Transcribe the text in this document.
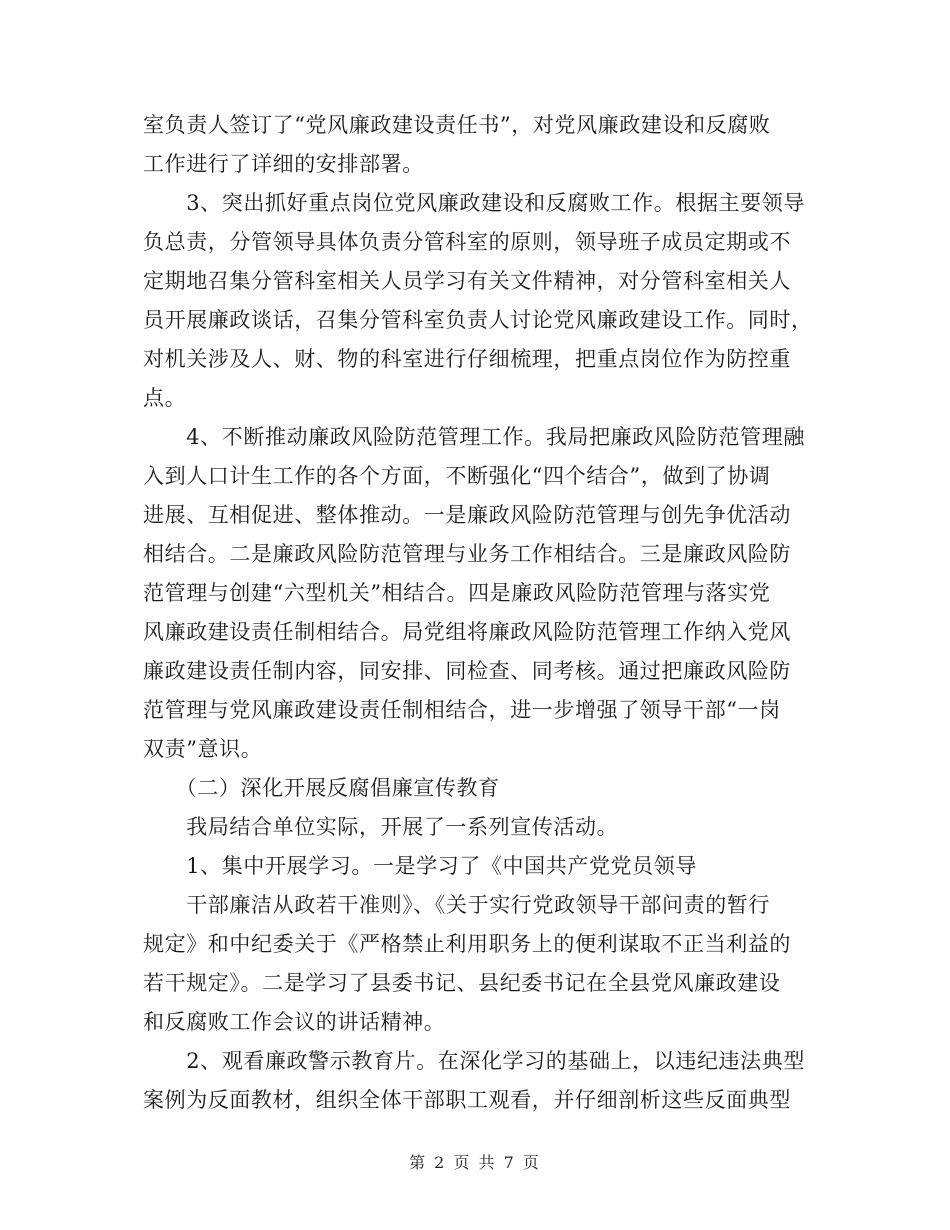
室负责人签订了“党风廉政建设责任书”，对党风廉政建设和反腐败
工作进行了详细的安排部署。
　　3、突出抓好重点岗位党风廉政建设和反腐败工作。根据主要领导
负总责，分管领导具体负责分管科室的原则，领导班子成员定期或不
定期地召集分管科室相关人员学习有关文件精神，对分管科室相关人
员开展廉政谈话，召集分管科室负责人讨论党风廉政建设工作。同时，
对机关涉及人、财、物的科室进行仔细梳理，把重点岗位作为防控重
点。
　　4、不断推动廉政风险防范管理工作。我局把廉政风险防范管理融
入到人口计生工作的各个方面，不断强化“四个结合”，做到了协调
进展、互相促进、整体推动。一是廉政风险防范管理与创先争优活动
相结合。二是廉政风险防范管理与业务工作相结合。三是廉政风险防
范管理与创建“六型机关”相结合。四是廉政风险防范管理与落实党
风廉政建设责任制相结合。局党组将廉政风险防范管理工作纳入党风
廉政建设责任制内容，同安排、同检查、同考核。通过把廉政风险防
范管理与党风廉政建设责任制相结合，进一步增强了领导干部“一岗
双责”意识。
　　（二）深化开展反腐倡廉宣传教育
　　我局结合单位实际，开展了一系列宣传活动。
　　1、集中开展学习。一是学习了《中国共产党党员领导
　　干部廉洁从政若干准则》、《关于实行党政领导干部问责的暂行
规定》和中纪委关于《严格禁止利用职务上的便利谋取不正当利益的
若干规定》。二是学习了县委书记、县纪委书记在全县党风廉政建设
和反腐败工作会议的讲话精神。
　　2、观看廉政警示教育片。在深化学习的基础上，以违纪违法典型
案例为反面教材，组织全体干部职工观看，并仔细剖析这些反面典型
第 2 页 共 7 页
